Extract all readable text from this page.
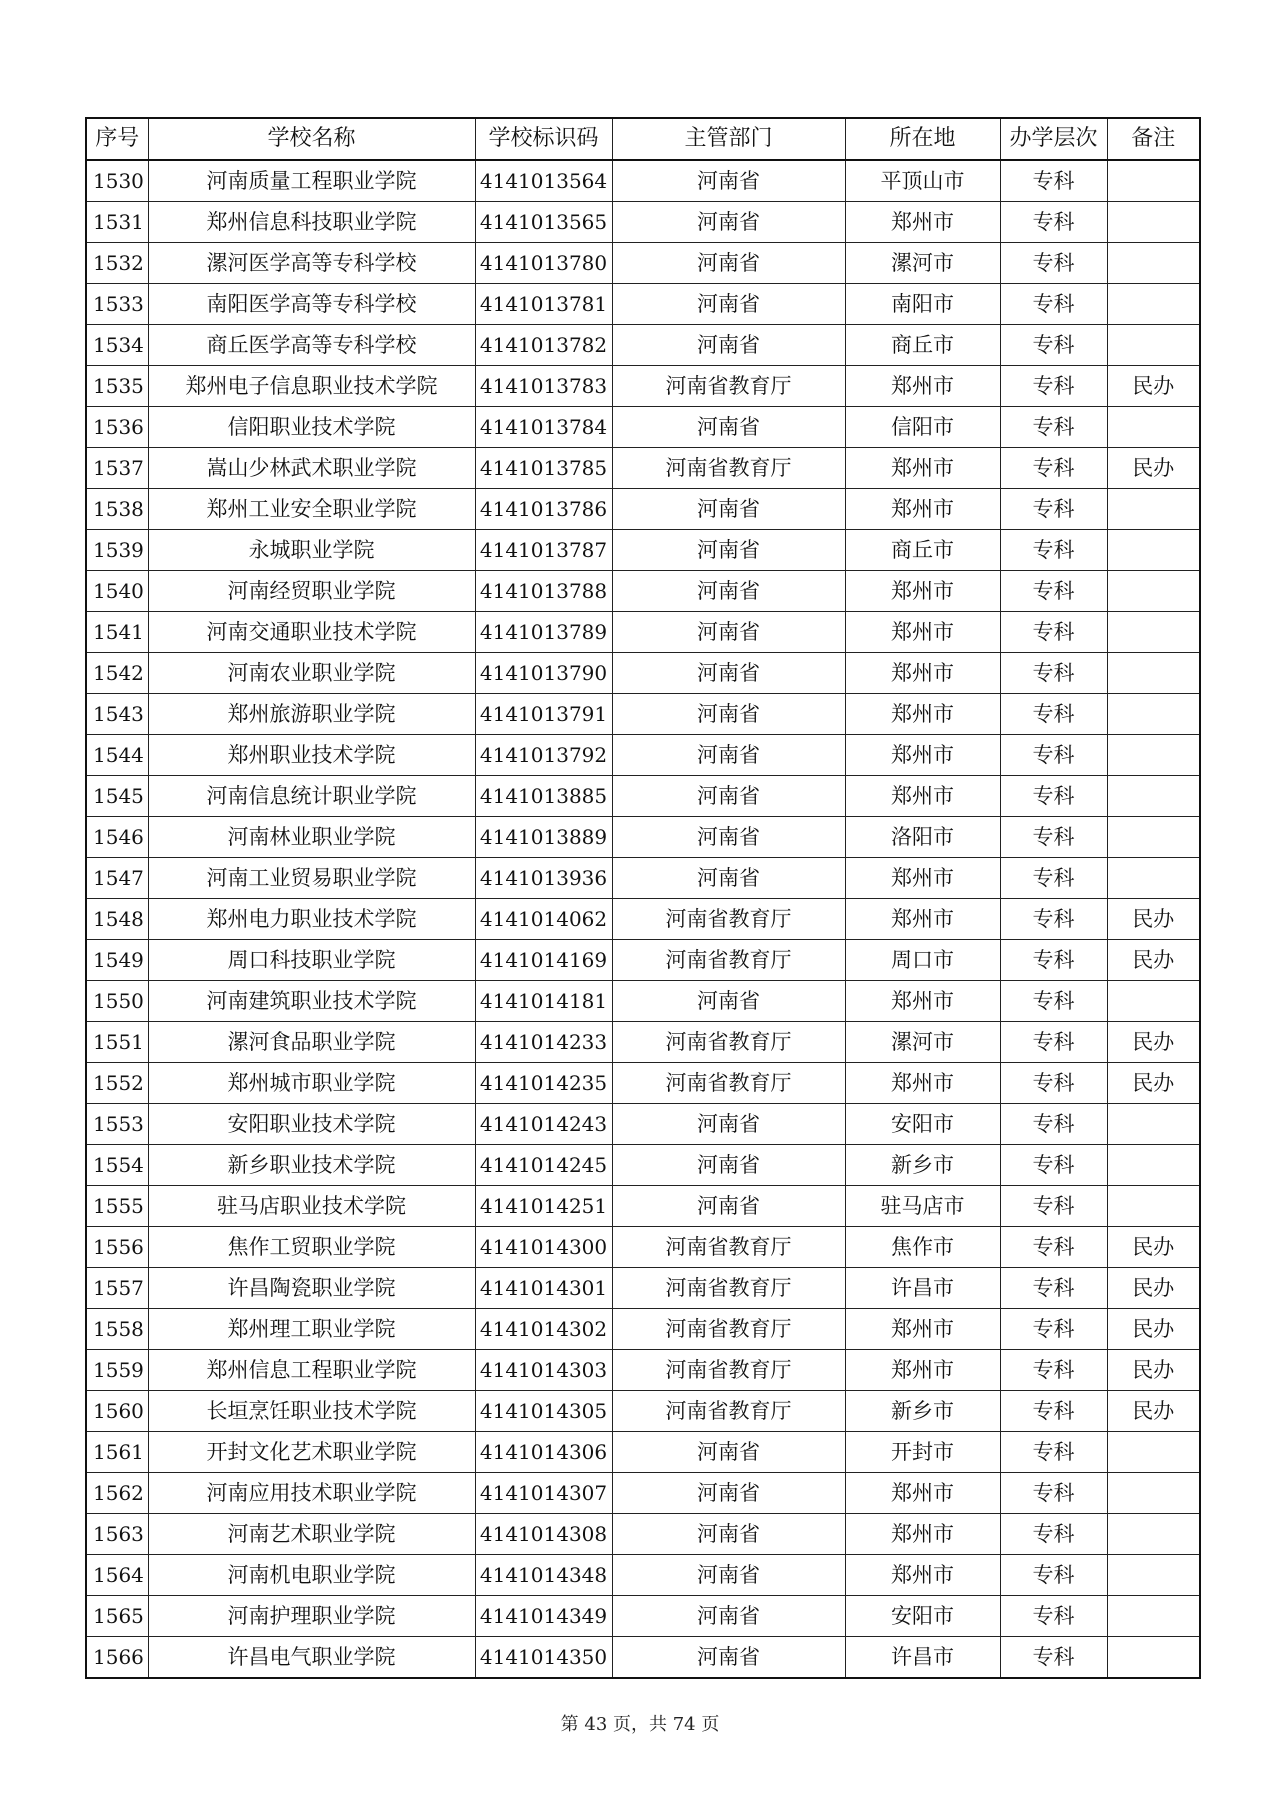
序号	学校名称	学校标识码	主管部门	所在地	办学层次	备注
1530	河南质量工程职业学院	4141013564	河南省	平顶山市	专科	
1531	郑州信息科技职业学院	4141013565	河南省	郑州市	专科	
1532	漯河医学高等专科学校	4141013780	河南省	漯河市	专科	
1533	南阳医学高等专科学校	4141013781	河南省	南阳市	专科	
1534	商丘医学高等专科学校	4141013782	河南省	商丘市	专科	
1535	郑州电子信息职业技术学院	4141013783	河南省教育厅	郑州市	专科	民办
1536	信阳职业技术学院	4141013784	河南省	信阳市	专科	
1537	嵩山少林武术职业学院	4141013785	河南省教育厅	郑州市	专科	民办
1538	郑州工业安全职业学院	4141013786	河南省	郑州市	专科	
1539	永城职业学院	4141013787	河南省	商丘市	专科	
1540	河南经贸职业学院	4141013788	河南省	郑州市	专科	
1541	河南交通职业技术学院	4141013789	河南省	郑州市	专科	
1542	河南农业职业学院	4141013790	河南省	郑州市	专科	
1543	郑州旅游职业学院	4141013791	河南省	郑州市	专科	
1544	郑州职业技术学院	4141013792	河南省	郑州市	专科	
1545	河南信息统计职业学院	4141013885	河南省	郑州市	专科	
1546	河南林业职业学院	4141013889	河南省	洛阳市	专科	
1547	河南工业贸易职业学院	4141013936	河南省	郑州市	专科	
1548	郑州电力职业技术学院	4141014062	河南省教育厅	郑州市	专科	民办
1549	周口科技职业学院	4141014169	河南省教育厅	周口市	专科	民办
1550	河南建筑职业技术学院	4141014181	河南省	郑州市	专科	
1551	漯河食品职业学院	4141014233	河南省教育厅	漯河市	专科	民办
1552	郑州城市职业学院	4141014235	河南省教育厅	郑州市	专科	民办
1553	安阳职业技术学院	4141014243	河南省	安阳市	专科	
1554	新乡职业技术学院	4141014245	河南省	新乡市	专科	
1555	驻马店职业技术学院	4141014251	河南省	驻马店市	专科	
1556	焦作工贸职业学院	4141014300	河南省教育厅	焦作市	专科	民办
1557	许昌陶瓷职业学院	4141014301	河南省教育厅	许昌市	专科	民办
1558	郑州理工职业学院	4141014302	河南省教育厅	郑州市	专科	民办
1559	郑州信息工程职业学院	4141014303	河南省教育厅	郑州市	专科	民办
1560	长垣烹饪职业技术学院	4141014305	河南省教育厅	新乡市	专科	民办
1561	开封文化艺术职业学院	4141014306	河南省	开封市	专科	
1562	河南应用技术职业学院	4141014307	河南省	郑州市	专科	
1563	河南艺术职业学院	4141014308	河南省	郑州市	专科	
1564	河南机电职业学院	4141014348	河南省	郑州市	专科	
1565	河南护理职业学院	4141014349	河南省	安阳市	专科	
1566	许昌电气职业学院	4141014350	河南省	许昌市	专科	
第 43 页，共 74 页
